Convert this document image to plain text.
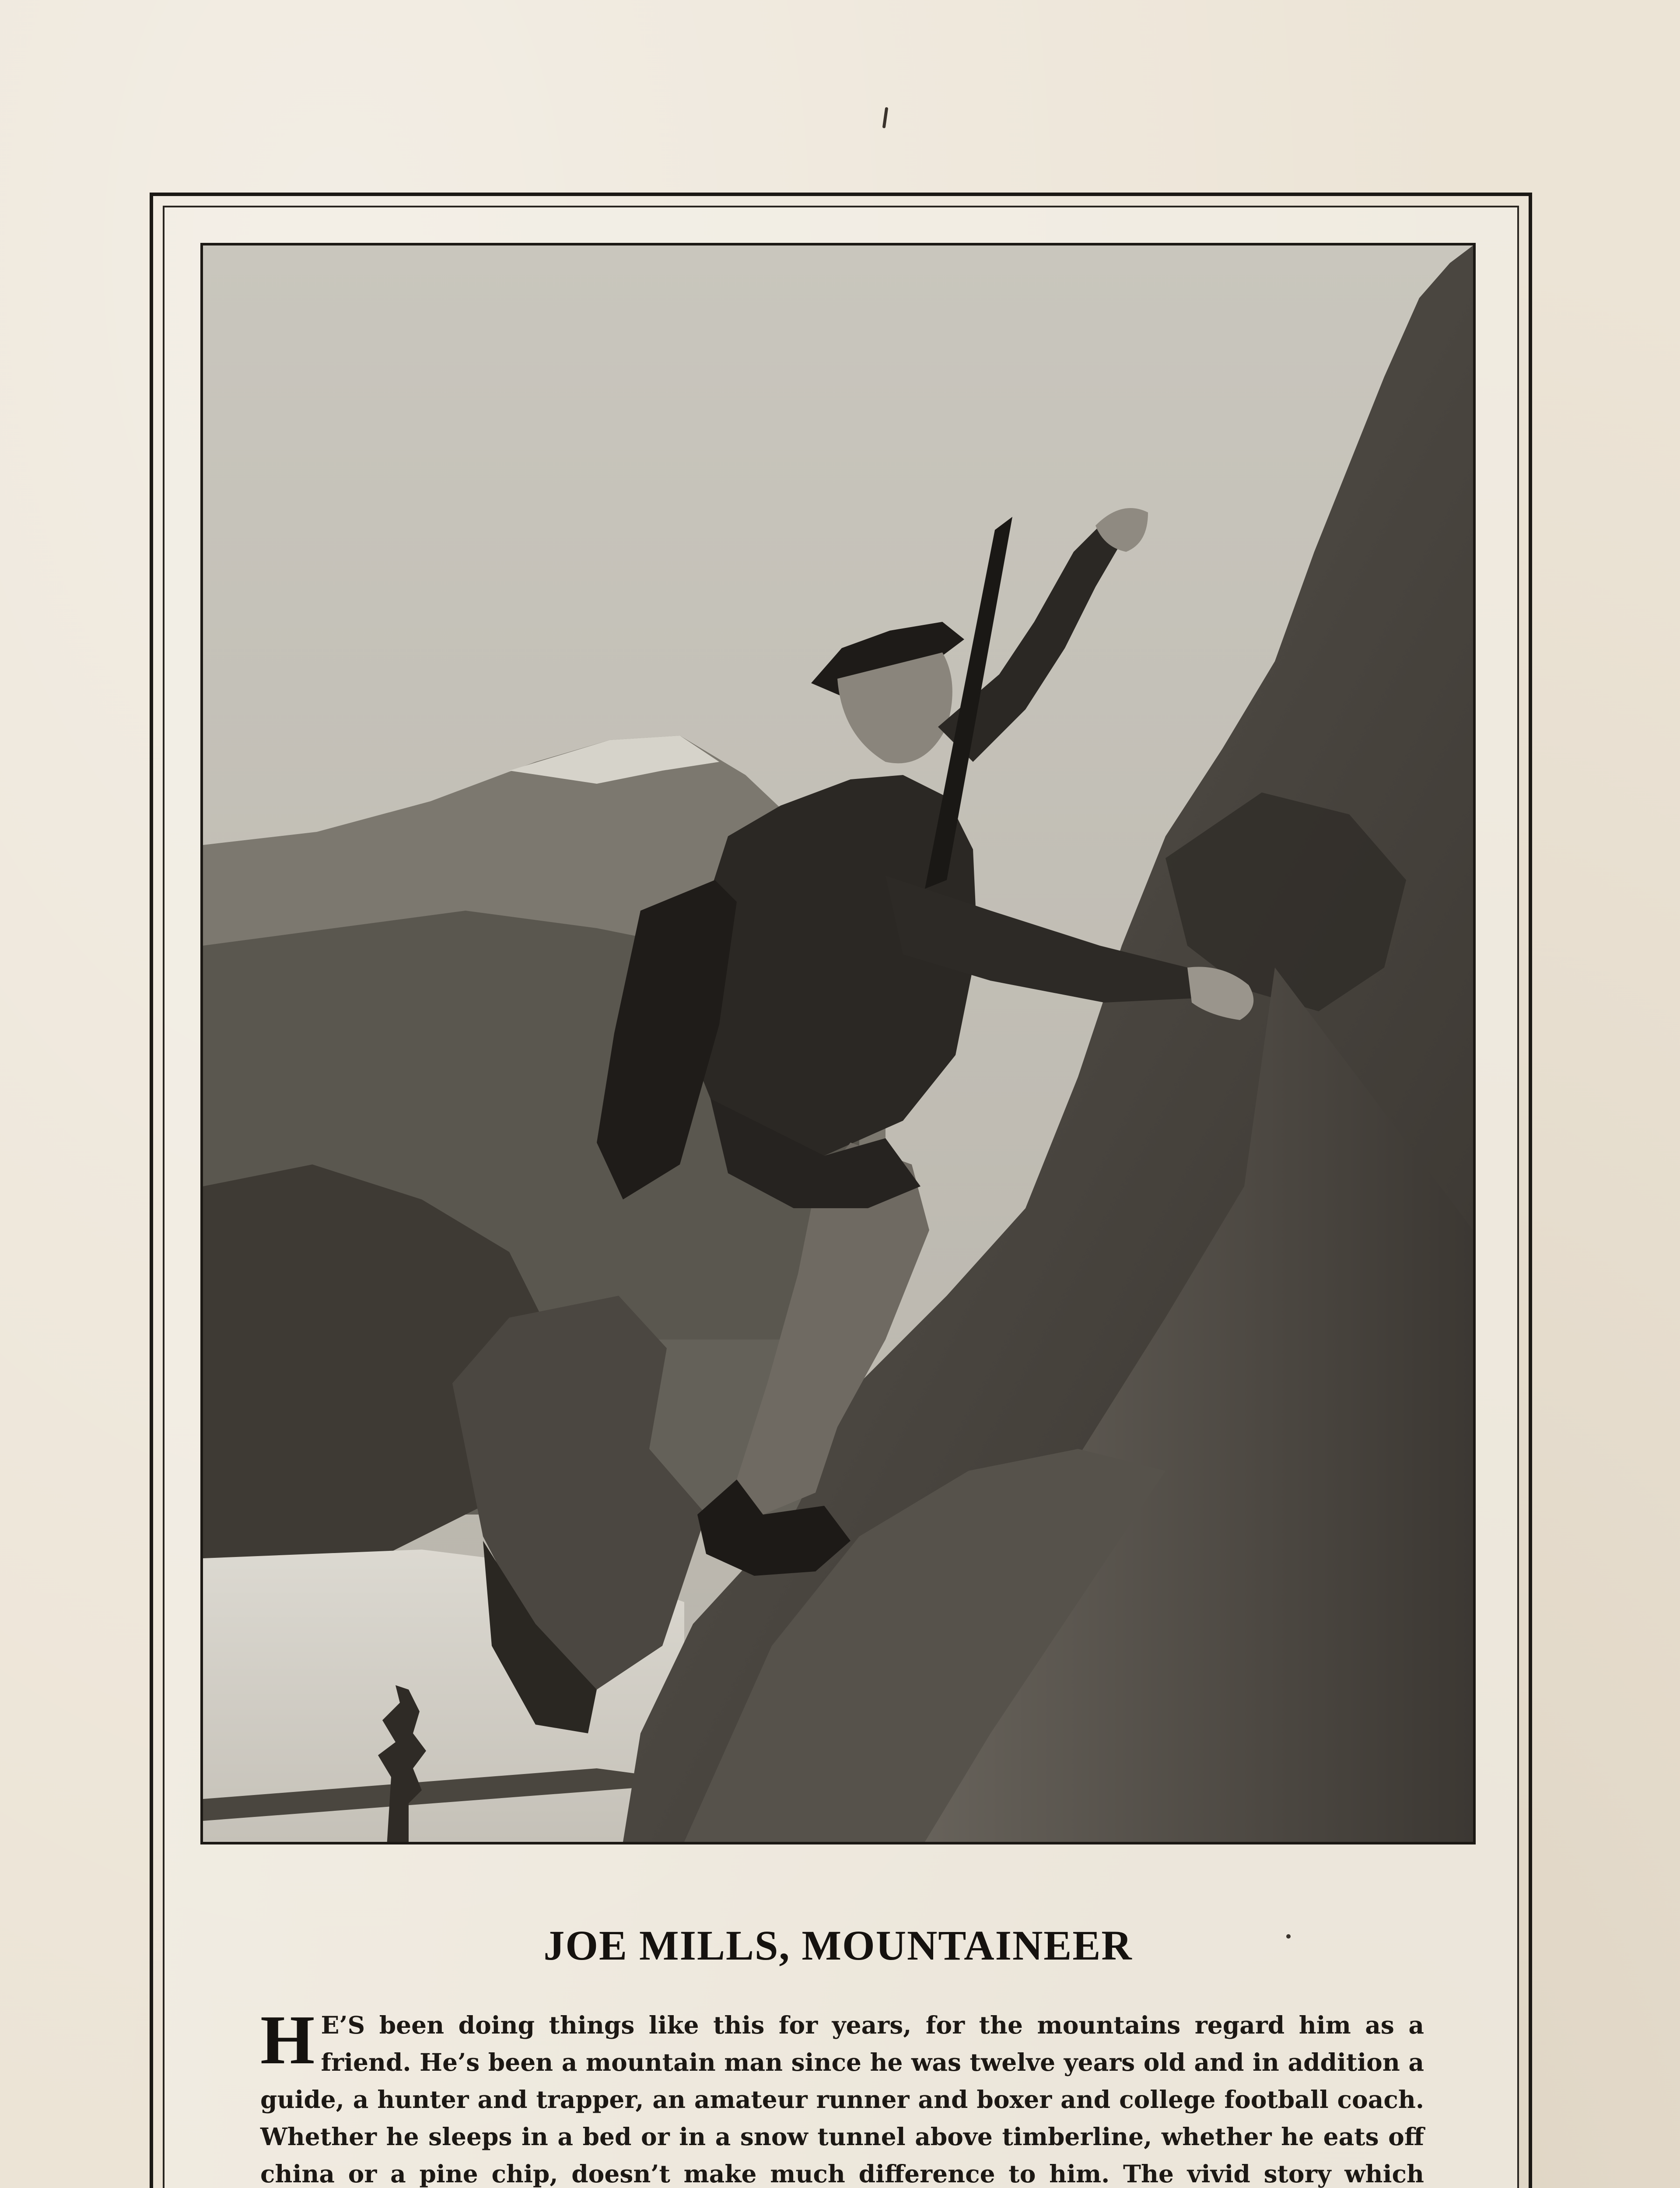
JOE MILLS, MOUNTAINEER

H E’S been doing things like this for years, for the mountains regard him as a friend. He’s been a mountain man since he was twelve years old and in addition a guide, a hunter and trapper, an amateur runner and boxer and college football coach. Whether he sleeps in a bed or in a snow tunnel above timberline, whether he eats off china or a pine chip, doesn’t make much difference to him. The vivid story which
